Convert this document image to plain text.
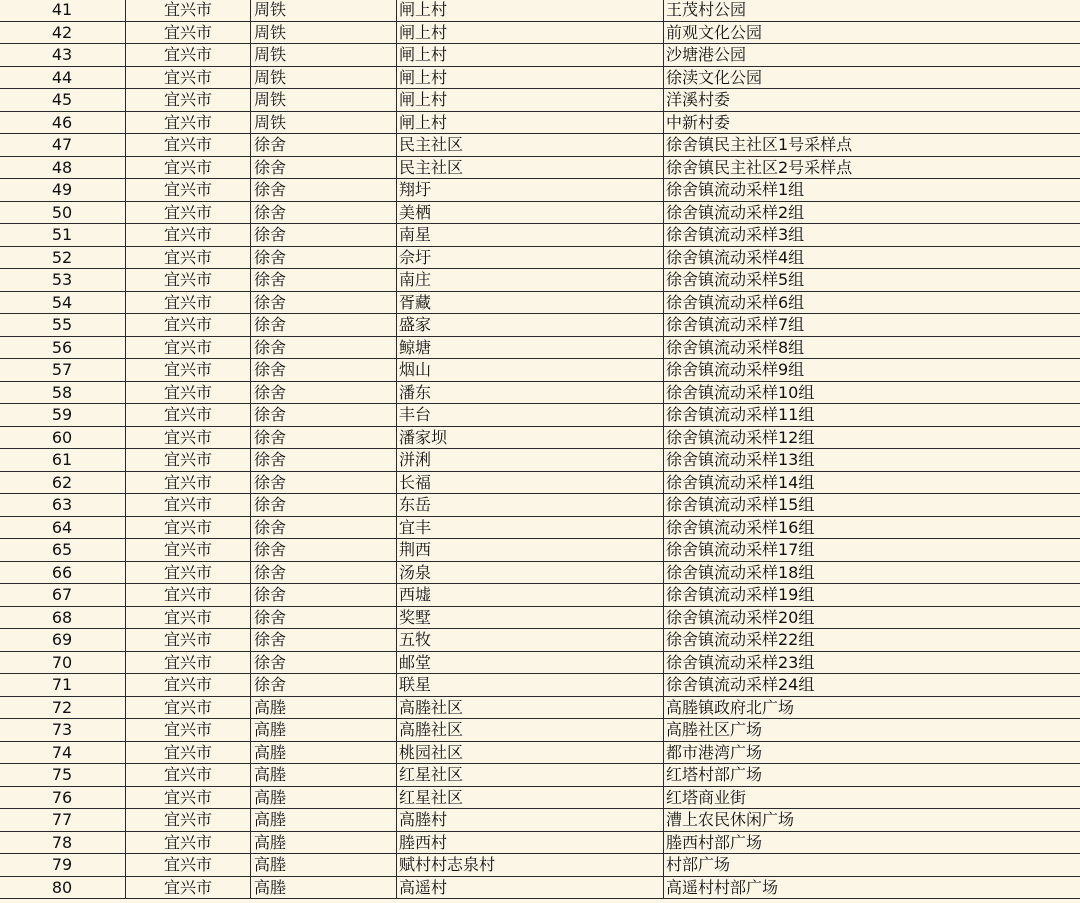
41	宜兴市	周铁	闸上村	王茂村公园
42	宜兴市	周铁	闸上村	前观文化公园
43	宜兴市	周铁	闸上村	沙塘港公园
44	宜兴市	周铁	闸上村	徐渎文化公园
45	宜兴市	周铁	闸上村	洋溪村委
46	宜兴市	周铁	闸上村	中新村委
47	宜兴市	徐舍	民主社区	徐舍镇民主社区1号采样点
48	宜兴市	徐舍	民主社区	徐舍镇民主社区2号采样点
49	宜兴市	徐舍	翔圩	徐舍镇流动采样1组
50	宜兴市	徐舍	美栖	徐舍镇流动采样2组
51	宜兴市	徐舍	南星	徐舍镇流动采样3组
52	宜兴市	徐舍	佘圩	徐舍镇流动采样4组
53	宜兴市	徐舍	南庄	徐舍镇流动采样5组
54	宜兴市	徐舍	胥藏	徐舍镇流动采样6组
55	宜兴市	徐舍	盛家	徐舍镇流动采样7组
56	宜兴市	徐舍	鲸塘	徐舍镇流动采样8组
57	宜兴市	徐舍	烟山	徐舍镇流动采样9组
58	宜兴市	徐舍	潘东	徐舍镇流动采样10组
59	宜兴市	徐舍	丰台	徐舍镇流动采样11组
60	宜兴市	徐舍	潘家坝	徐舍镇流动采样12组
61	宜兴市	徐舍	洴浰	徐舍镇流动采样13组
62	宜兴市	徐舍	长福	徐舍镇流动采样14组
63	宜兴市	徐舍	东岳	徐舍镇流动采样15组
64	宜兴市	徐舍	宜丰	徐舍镇流动采样16组
65	宜兴市	徐舍	荆西	徐舍镇流动采样17组
66	宜兴市	徐舍	汤泉	徐舍镇流动采样18组
67	宜兴市	徐舍	西墟	徐舍镇流动采样19组
68	宜兴市	徐舍	奖墅	徐舍镇流动采样20组
69	宜兴市	徐舍	五牧	徐舍镇流动采样22组
70	宜兴市	徐舍	邮堂	徐舍镇流动采样23组
71	宜兴市	徐舍	联星	徐舍镇流动采样24组
72	宜兴市	高塍	高塍社区	高塍镇政府北广场
73	宜兴市	高塍	高塍社区	高塍社区广场
74	宜兴市	高塍	桃园社区	都市港湾广场
75	宜兴市	高塍	红星社区	红塔村部广场
76	宜兴市	高塍	红星社区	红塔商业街
77	宜兴市	高塍	高塍村	漕上农民休闲广场
78	宜兴市	高塍	塍西村	塍西村部广场
79	宜兴市	高塍	赋村村志泉村	村部广场
80	宜兴市	高塍	高遥村	高遥村村部广场
